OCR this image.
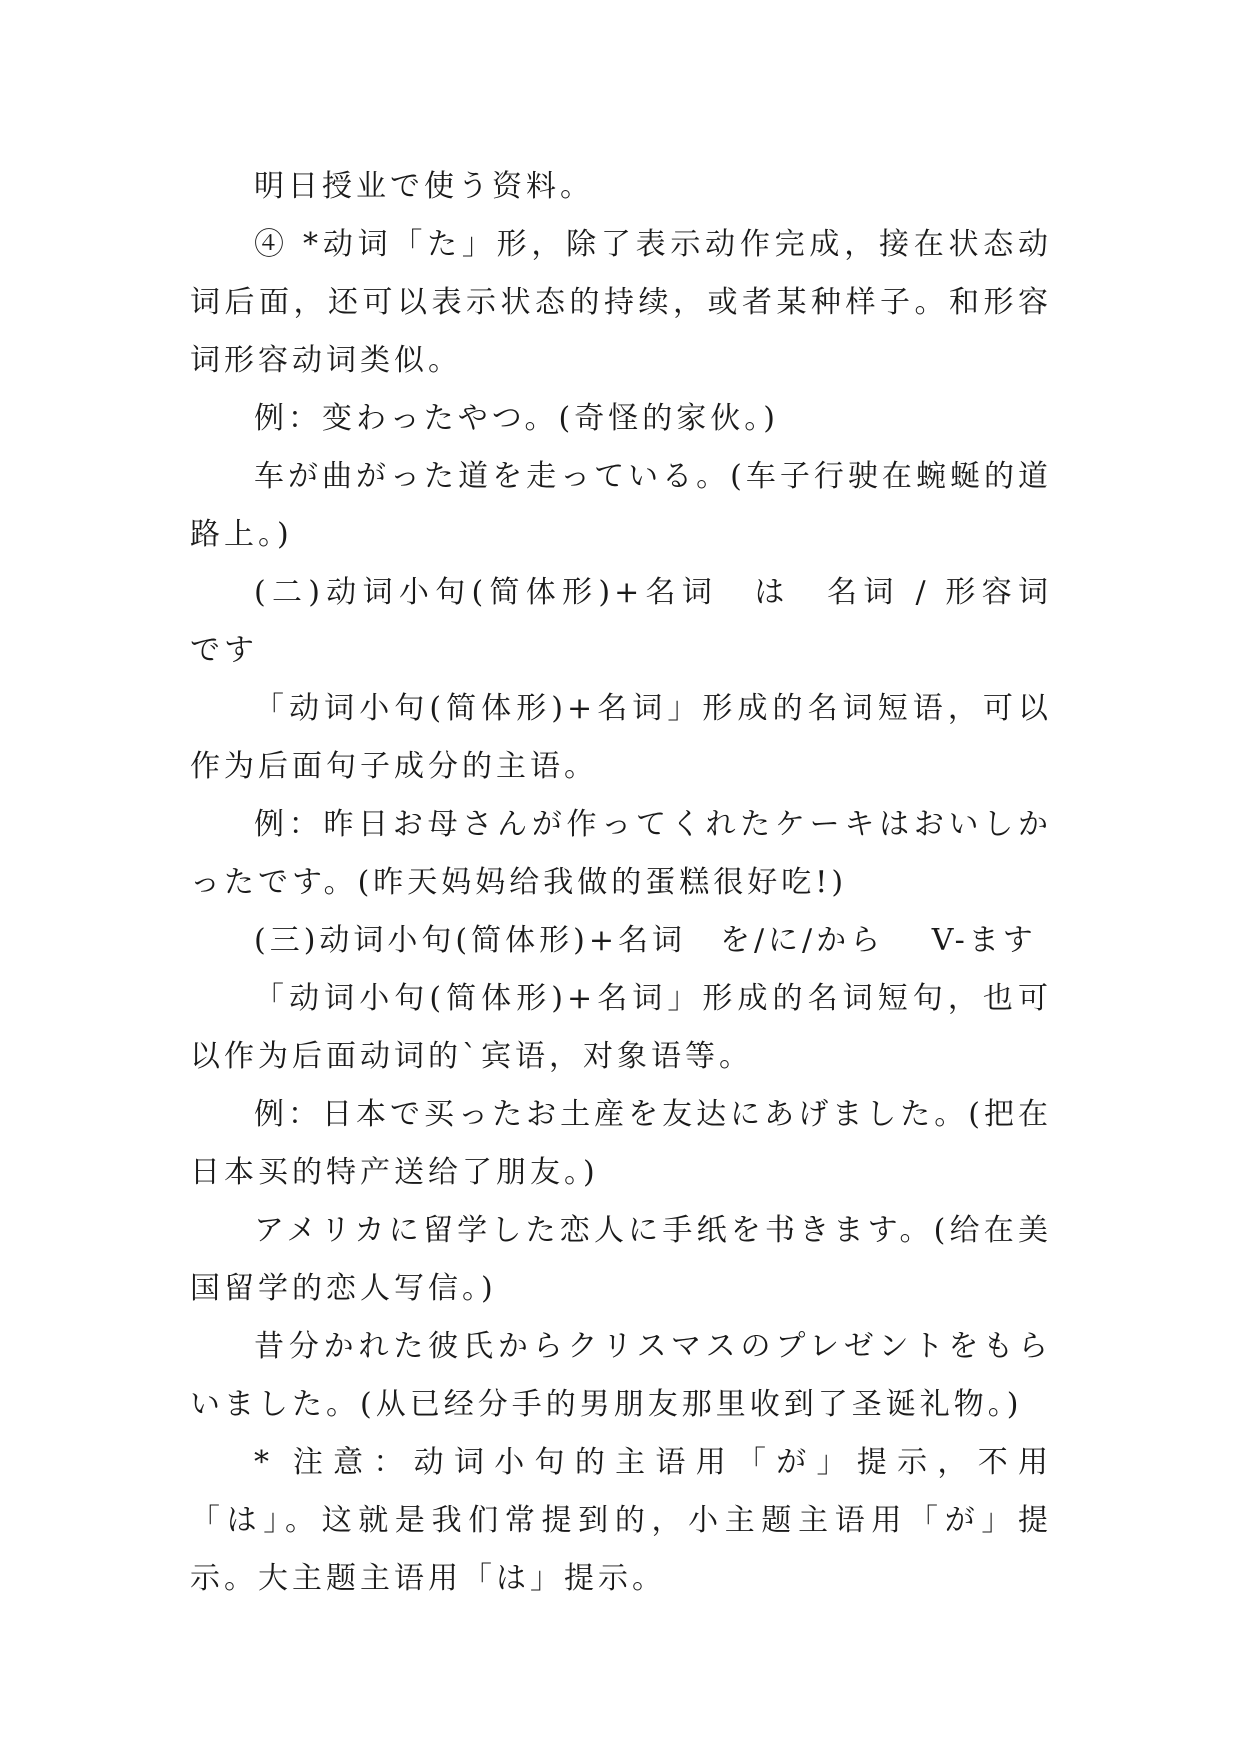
明日授业で使う资料。

④ *动词「た」形，除了表示动作完成，接在状态动词后面，还可以表示状态的持续，或者某种样子。和形容词形容动词类似。

例：变わったやつ。(奇怪的家伙。)

车が曲がった道を走っている。(车子行驶在蜿蜒的道路上。)

(二)动词小句(简体形)+名词　は　名词 / 形容词　です

「动词小句(简体形)+名词」形成的名词短语，可以作为后面句子成分的主语。

例：昨日お母さんが作ってくれたケーキはおいしかったです。(昨天妈妈给我做的蛋糕很好吃!)

(三)动词小句(简体形)+名词　を/に/から　 V-ます

「动词小句(简体形)+名词」形成的名词短句，也可以作为后面动词的`宾语，对象语等。

例：日本で买ったお土産を友达にあげました。(把在日本买的特产送给了朋友。)

アメリカに留学した恋人に手纸を书きます。(给在美国留学的恋人写信。)

昔分かれた彼氏からクリスマスのプレゼントをもらいました。(从已经分手的男朋友那里收到了圣诞礼物。)

* 注意：动词小句的主语用「が」提示，不用「は」。这就是我们常提到的，小主题主语用「が」提示。大主题主语用「は」提示。
